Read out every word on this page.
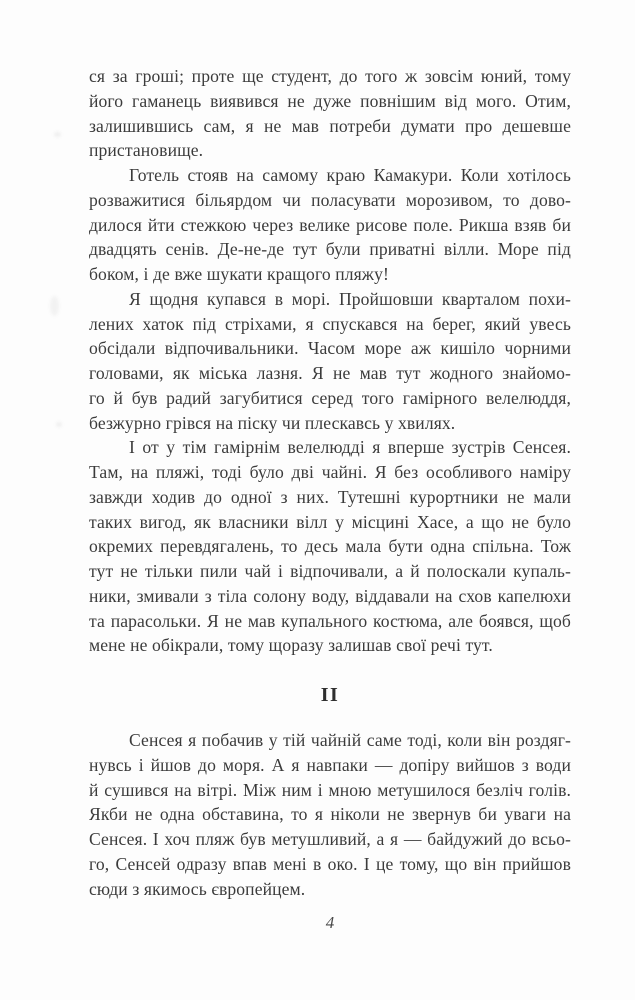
ся за гроші; проте ще студент, до того ж зовсім юний, тому
його гаманець виявився не дуже повнішим від мого. Отим,
залишившись сам, я не мав потреби думати про дешевше
пристановище.
Готель стояв на самому краю Камакури. Коли хотілось
розважитися більярдом чи поласувати морозивом, то дово-
дилося йти стежкою через велике рисове поле. Рикша взяв би
двадцять сенів. Де-не-де тут були приватні вілли. Море під
боком, і де вже шукати кращого пляжу!
Я щодня купався в морі. Пройшовши кварталом похи-
лених хаток під стріхами, я спускався на берег, який увесь
обсідали відпочивальники. Часом море аж кишіло чорними
головами, як міська лазня. Я не мав тут жодного знайомо-
го й був радий загубитися серед того гамірного велелюддя,
безжурно грівся на піску чи плескавсь у хвилях.
І от у тім гамірнім велелюдді я вперше зустрів Сенсея.
Там, на пляжі, тоді було дві чайні. Я без особливого наміру
завжди ходив до одної з них. Тутешні курортники не мали
таких вигод, як власники вілл у місцині Хасе, а що не було
окремих перевдягалень, то десь мала бути одна спільна. Тож
тут не тільки пили чай і відпочивали, а й полоскали купаль-
ники, змивали з тіла солону воду, віддавали на схов капелюхи
та парасольки. Я не мав купального костюма, але боявся, щоб
мене не обікрали, тому щоразу залишав свої речі тут.
II
Сенсея я побачив у тій чайній саме тоді, коли він роздяг-
нувсь і йшов до моря. А я навпаки — допіру вийшов з води
й сушився на вітрі. Між ним і мною метушилося безліч голів.
Якби не одна обставина, то я ніколи не звернув би уваги на
Сенсея. І хоч пляж був метушливий, а я — байдужий до всьо-
го, Сенсей одразу впав мені в око. І це тому, що він прийшов
сюди з якимось європейцем.
4
